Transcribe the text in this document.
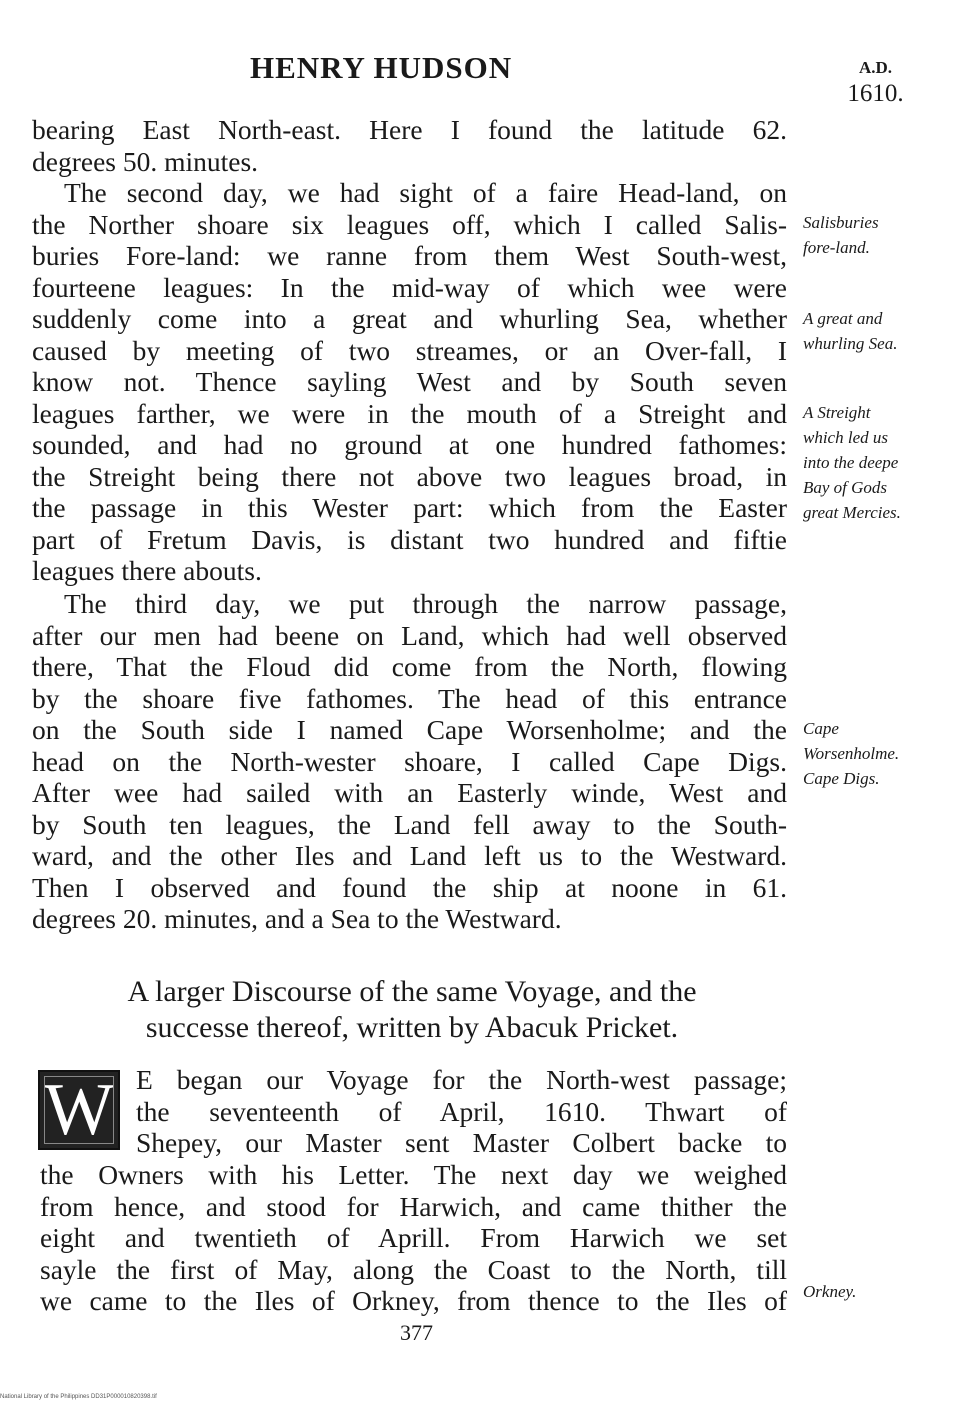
HENRY HUDSON	A.D.
1610.
bearing East North-east. Here I found the latitude 62.
degrees 50. minutes.
The second day, we had sight of a faire Head-land, on
the Norther shoare six leagues off, which I called Salis-
buries Fore-land: we ranne from them West South-west,
fourteene leagues: In the mid-way of which wee were
suddenly come into a great and whurling Sea, whether
caused by meeting of two streames, or an Over-fall, I
know not. Thence sayling West and by South seven
leagues farther, we were in the mouth of a Streight and
sounded, and had no ground at one hundred fathomes:
the Streight being there not above two leagues broad, in
the passage in this Wester part: which from the Easter
part of Fretum Davis, is distant two hundred and fiftie
leagues there abouts.
The third day, we put through the narrow passage,
after our men had beene on Land, which had well observed
there, That the Floud did come from the North, flowing
by the shoare five fathomes. The head of this entrance
on the South side I named Cape Worsenholme; and the
head on the North-wester shoare, I called Cape Digs.
After wee had sailed with an Easterly winde, West and
by South ten leagues, the Land fell away to the South-
ward, and the other Iles and Land left us to the Westward.
Then I observed and found the ship at noone in 61.
degrees 20. minutes, and a Sea to the Westward.
A larger Discourse of the same Voyage, and the
successe thereof, written by Abacuk Pricket.
W E began our Voyage for the North-west passage;
the seventeenth of April, 1610. Thwart of
Shepey, our Master sent Master Colbert backe to
the Owners with his Letter. The next day we weighed
from hence, and stood for Harwich, and came thither the
eight and twentieth of Aprill. From Harwich we set
sayle the first of May, along the Coast to the North, till
we came to the Iles of Orkney, from thence to the Iles of
Salisburies
fore-land.
A great and
whurling Sea.
A Streight
which led us
into the deepe
Bay of Gods
great Mercies.
Cape
Worsenholme.
Cape Digs.
Orkney.
377
National Library of the Philippines DD31P000010820398.tif
